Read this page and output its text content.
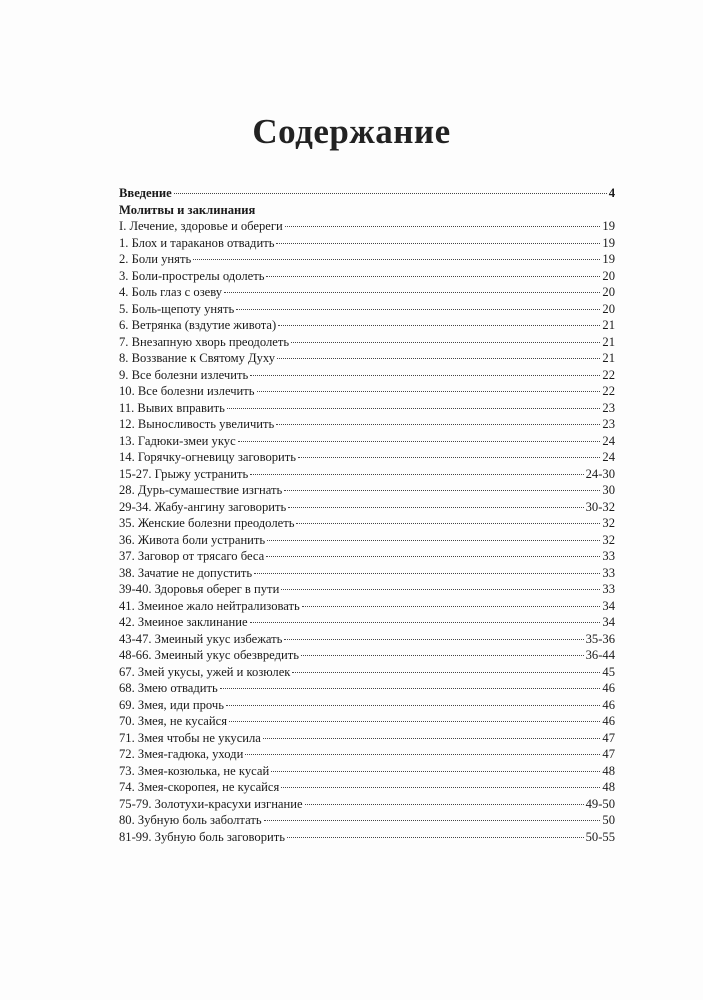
Содержание
Введение	4
Молитвы и заклинания
I. Лечение, здоровье и обереги	19
1. Блох и тараканов отвадить	19
2. Боли унять	19
3. Боли-прострелы одолеть	20
4. Боль глаз с озеву	20
5. Боль-щепоту унять	20
6. Ветрянка (вздутие живота)	21
7. Внезапную хворь преодолеть	21
8. Воззвание к Святому Духу	21
9. Все болезни излечить	22
10. Все болезни излечить	22
11. Вывих вправить	23
12. Выносливость увеличить	23
13. Гадюки-змеи укус	24
14. Горячку-огневицу заговорить	24
15-27. Грыжу устранить	24-30
28. Дурь-сумашествие изгнать	30
29-34. Жабу-ангину заговорить	30-32
35. Женские болезни преодолеть	32
36. Живота боли устранить	32
37. Заговор от трясаго беса	33
38. Зачатие не допустить	33
39-40. Здоровья оберег в пути	33
41. Змеиное жало нейтрализовать	34
42. Змеиное заклинание	34
43-47. Змеиный укус избежать	35-36
48-66. Змеиный укус обезвредить	36-44
67. Змей укусы, ужей и козюлек	45
68. Змею отвадить	46
69. Змея, иди прочь	46
70. Змея, не кусайся	46
71. Змея чтобы не укусила	47
72. Змея-гадюка, уходи	47
73. Змея-козюлька, не кусай	48
74. Змея-скоропея, не кусайся	48
75-79. Золотухи-красухи изгнание	49-50
80. Зубную боль заболтать	50
81-99. Зубную боль заговорить	50-55
